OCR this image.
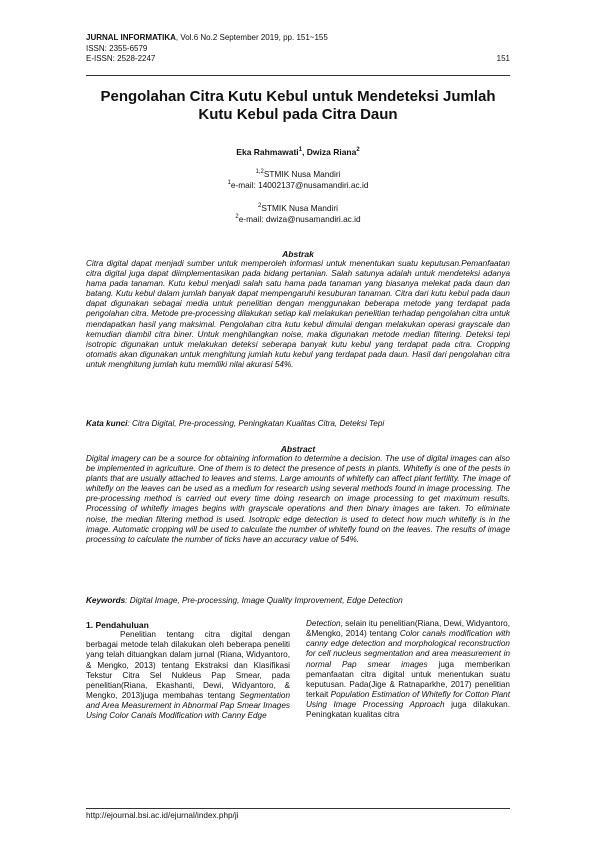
JURNAL INFORMATIKA, Vol.6 No.2 September 2019, pp. 151~155
ISSN: 2355-6579
E-ISSN: 2528-2247	151
Pengolahan Citra Kutu Kebul untuk Mendeteksi Jumlah
Kutu Kebul pada Citra Daun
Eka Rahmawati$^1$, Dwiza Riana$^2$
$^{1,2}$STMIK Nusa Mandiri
$^1$e-mail: 14002137@nusamandiri.ac.id
$^2$STMIK Nusa Mandiri
$^2$e-mail: dwiza@nusamandiri.ac.id
Abstrak
Citra digital dapat menjadi sumber untuk memperoleh informasi untuk menentukan suatu keputusan.Pemanfaatan citra digital juga dapat diimplementasikan pada bidang pertanian. Salah satunya adalah untuk mendeteksi adanya hama pada tanaman. Kutu kebul menjadi salah satu hama pada tanaman yang biasanya melekat pada daun dan batang. Kutu kebul dalam jumlah banyak dapat mempengaruhi kesuburan tanaman. Citra dari kutu kebul pada daun dapat digunakan sebagai media untuk penelitian dengan menggunakan beberapa metode yang terdapat pada pengolahan citra. Metode pre-processing dilakukan setiap kali melakukan penelitian terhadap pengolahan citra untuk mendapatkan hasil yang maksimal. Pengolahan citra kutu kebul dimulai dengan melakukan operasi grayscale dan kemudian diambil citra biner. Untuk menghilangkan noise, maka digunakan metode median filtering. Deteksi tepi isotropic digunakan untuk melakukan deteksi seberapa banyak kutu kebul yang terdapat pada citra. Cropping otomatis akan digunakan untuk menghitung jumlah kutu kebul yang terdapat pada daun. Hasil dari pengolahan citra untuk menghitung jumlah kutu memiliki nilai akurasi 54%.
Kata kunci: Citra Digital, Pre-processing, Peningkatan Kualitas Citra, Deteksi Tepi
Abstract
Digital imagery can be a source for obtaining information to determine a decision. The use of digital images can also be implemented in agriculture. One of them is to detect the presence of pests in plants. Whitefly is one of the pests in plants that are usually attached to leaves and stems. Large amounts of whitefly can affect plant fertility. The image of whitefly on the leaves can be used as a medium for research using several methods found in image processing. The pre-processing method is carried out every time doing research on image processing to get maximum results. Processing of whitefly images begins with grayscale operations and then binary images are taken. To eliminate noise, the median filtering method is used. Isotropic edge detection is used to detect how much whitefly is in the image. Automatic cropping will be used to calculate the number of whitefly found on the leaves. The results of image processing to calculate the number of ticks have an accuracy value of 54%.
Keywords: Digital Image, Pre-processing, Image Quality Improvement, Edge Detection
1. Pendahuluan
Penelitian tentang citra digital dengan berbagai metode telah dilakukan oleh beberapa peneliti yang telah dituangkan dalam jurnal (Riana, Widyantoro, & Mengko, 2013) tentang Ekstraksi dan Klasifikasi Tekstur Citra Sel Nukleus Pap Smear, pada penelitian(Riana, Ekashanti, Dewi, Widyantoro, & Mengko, 2013)juga membahas tentang Segmentation and Area Measurement in Abnormal Pap Smear Images Using Color Canals Modification with Canny Edge
Detection, selain itu penelitian(Riana, Dewi, Widyantoro, &Mengko, 2014) tentang Color canals modification with canny edge detection and morphological reconstruction for cell nucleus segmentation and area measurement in normal Pap smear images juga memberikan pemanfaatan citra digital untuk menentukan suatu keputusan. Pada(Jige & Ratnaparkhe, 2017) penelitian terkait Population Estimation of Whitefly for Cotton Plant Using Image Processing Approach juga dilakukan. Peningkatan kualitas citra
http://ejournal.bsi.ac.id/ejurnal/index.php/ji
